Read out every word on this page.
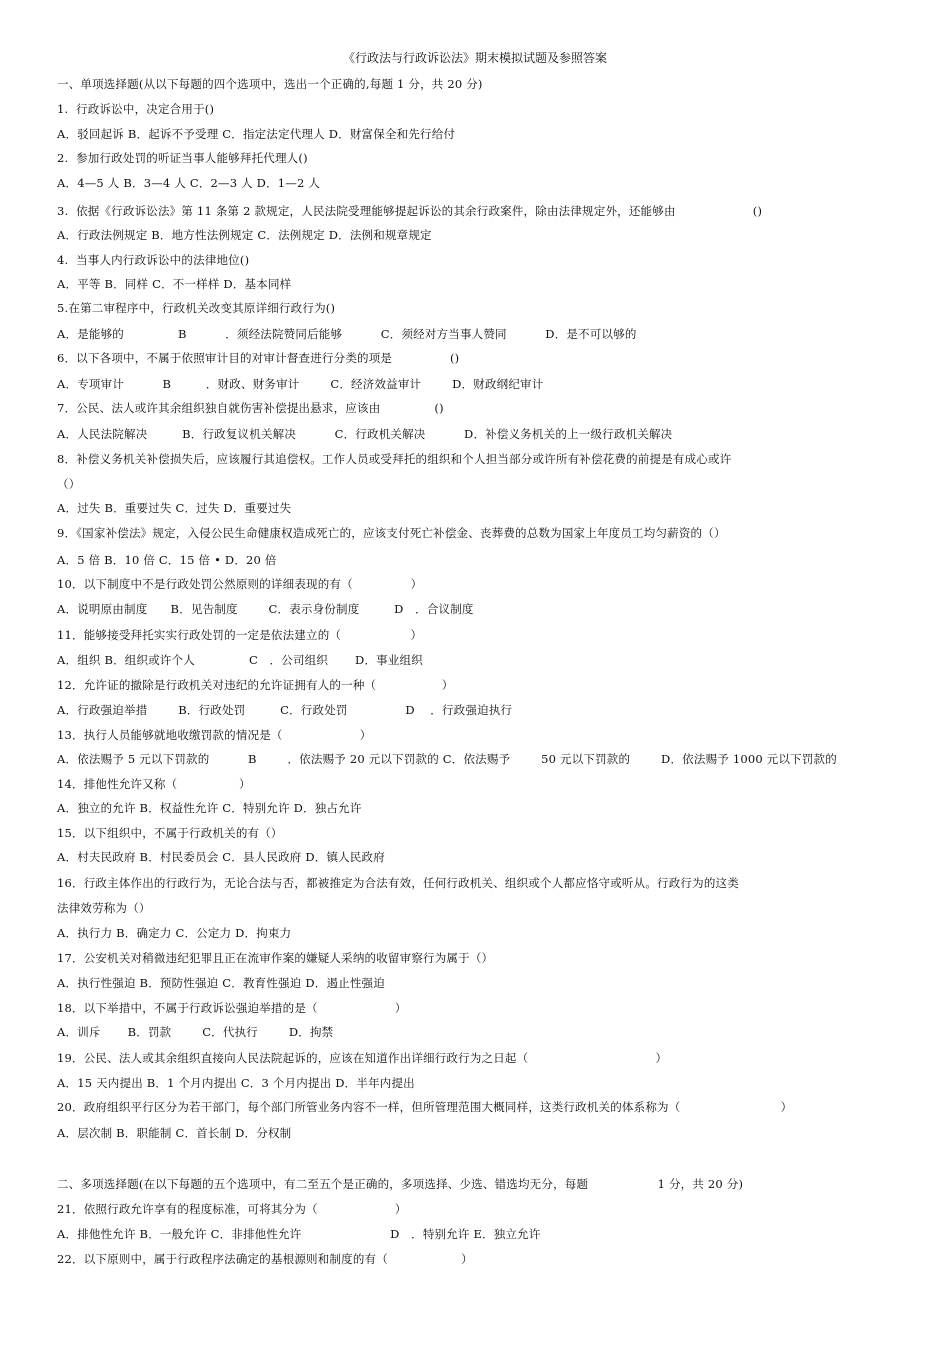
《行政法与行政诉讼法》期末模拟试题及参照答案
一、单项选择题(从以下每题的四个选项中，选出一个正确的,每题 1 分，共 20 分)
1.  行政诉讼中，决定合用于()
A．驳回起诉 B．起诉不予受理 C．指定法定代理人 D．财富保全和先行给付
2.  参加行政处罚的听证当事人能够拜托代理人()
A．4—5 人 B．3—4 人 C．2—3 人 D．1—2 人
3.  依据《行政诉讼法》第 11 条第 2 款规定，人民法院受理能够提起诉讼的其余行政案件，除由法律规定外，还能够由                    ()
A．行政法例规定 B．地方性法例规定 C．法例规定 D．法例和规章规定
4.  当事人内行政诉讼中的法律地位()
A．平等 B．同样 C．不一样样 D．基本同样
5.在第二审程序中，行政机关改变其原详细行政行为()
A．是能够的              B          ．须经法院赞同后能够          C．须经对方当事人赞同          D．是不可以够的
6．以下各项中，不属于依照审计目的对审计督查进行分类的项是               ()
A．专项审计          B         ．财政、财务审计        C．经济效益审计        D．财政纲纪审计
7．公民、法人或许其余组织独自就伤害补偿提出悬求，应该由              ()
A．人民法院解决         B．行政复议机关解决          C．行政机关解决          D．补偿义务机关的上一级行政机关解决
8．补偿义务机关补偿损失后，应该履行其追偿权。工作人员或受拜托的组织和个人担当部分或许所有补偿花费的前提是有成心或许
（）
A．过失 B．重要过失 C．过失 D．重要过失
9．《国家补偿法》规定，入侵公民生命健康权造成死亡的，应该支付死亡补偿金、丧葬费的总数为国家上年度员工均匀薪资的（）
A．5 倍 B．10 倍 C．15 倍 • D．20 倍
10．以下制度中不是行政处罚公然原则的详细表现的有（               ）
A．说明原由制度      B．见告制度        C．表示身份制度         D   ．合议制度
11．能够接受拜托实实行政处罚的一定是依法建立的（                  ）
A．组织 B．组织或许个人              C   ．公司组织       D．事业组织
12．允许证的撤除是行政机关对违纪的允许证拥有人的一种（                 ）
A．行政强迫举措        B．行政处罚         C．行政处罚               D    ．行政强迫执行
13．执行人员能够就地收缴罚款的情况是（                    ）
A．依法赐予 5 元以下罚款的          B        ．依法赐予 20 元以下罚款的 C．依法赐予        50 元以下罚款的        D．依法赐予 1000 元以下罚款的
14．排他性允许又称（                ）
A．独立的允许 B．权益性允许 C．特别允许 D．独占允许
15．以下组织中，不属于行政机关的有（）
A．村夫民政府 B．村民委员会 C．县人民政府 D．镇人民政府
16．行政主体作出的行政行为，无论合法与否，都被推定为合法有效，任何行政机关、组织或个人都应恪守或听从。行政行为的这类
法律效劳称为（）
A．执行力 B．确定力 C．公定力 D．拘束力
17．公安机关对稍微违纪犯罪且正在流审作案的嫌疑人采纳的收留审察行为属于（）
A．执行性强迫 B．预防性强迫 C．教育性强迫 D．遏止性强迫
18．以下举措中，不属于行政诉讼强迫举措的是（                    ）
A．训斥       B．罚款        C．代执行        D．拘禁
19．公民、法人或其余组织直接向人民法院起诉的，应该在知道作出详细行政行为之日起（                                 ）
A．15 天内提出 B．1 个月内提出 C．3 个月内提出 D．半年内提出
20．政府组织平行区分为若干部门，每个部门所管业务内容不一样，但所管理范围大概同样，这类行政机关的体系称为（                          ）
A．层次制 B．职能制 C．首长制 D．分权制
二、多项选择题(在以下每题的五个选项中，有二至五个是正确的，多项选择、少选、错选均无分，每题                  1 分，共 20 分)
21．依照行政允许享有的程度标准，可将其分为（                    ）
A．排他性允许 B．一般允许 C．非排他性允许                       D   ．特别允许 E．独立允许
22．以下原则中，属于行政程序法确定的基根源则和制度的有（                   ）
